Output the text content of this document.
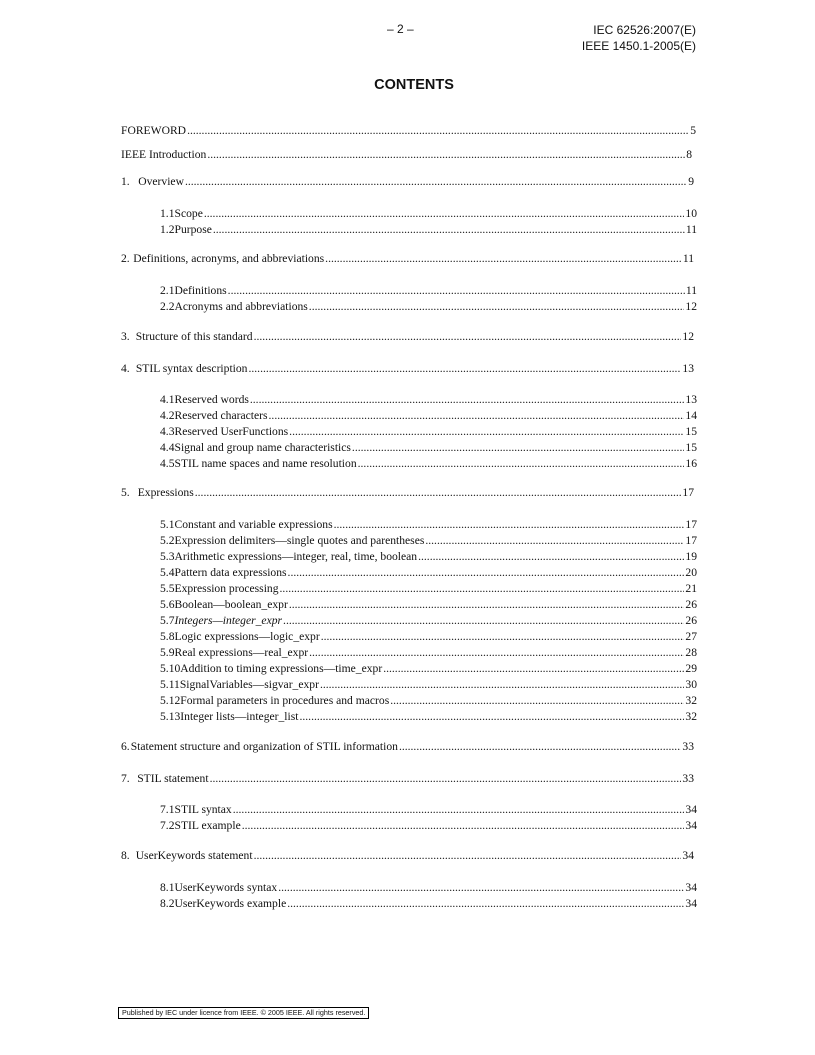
– 2 –	IEC 62526:2007(E)
IEEE 1450.1-2005(E)
CONTENTS
FOREWORD .....	5
IEEE Introduction .....	8
1. Overview .....	9
1.1 Scope .....	10
1.2 Purpose .....	11
2. Definitions, acronyms, and abbreviations .....	11
2.1 Definitions .....	11
2.2 Acronyms and abbreviations .....	12
3. Structure of this standard .....	12
4. STIL syntax description .....	13
4.1 Reserved words .....	13
4.2 Reserved characters .....	14
4.3 Reserved UserFunctions .....	15
4.4 Signal and group name characteristics .....	15
4.5 STIL name spaces and name resolution .....	16
5. Expressions .....	17
5.1 Constant and variable expressions .....	17
5.2 Expression delimiters—single quotes and parentheses .....	17
5.3 Arithmetic expressions—integer, real, time, boolean .....	19
5.4 Pattern data expressions .....	20
5.5 Expression processing .....	21
5.6 Boolean—boolean_expr .....	26
5.7 Integers—integer_expr .....	26
5.8 Logic expressions—logic_expr .....	27
5.9 Real expressions—real_expr .....	28
5.10 Addition to timing expressions—time_expr .....	29
5.11 SignalVariables—sigvar_expr .....	30
5.12 Formal parameters in procedures and macros .....	32
5.13 Integer lists—integer_list .....	32
6. Statement structure and organization of STIL information .....	33
7. STIL statement .....	33
7.1 STIL syntax .....	34
7.2 STIL example .....	34
8. UserKeywords statement .....	34
8.1 UserKeywords syntax .....	34
8.2 UserKeywords example .....	34
Published by IEC under licence from IEEE. © 2005 IEEE. All rights reserved.
